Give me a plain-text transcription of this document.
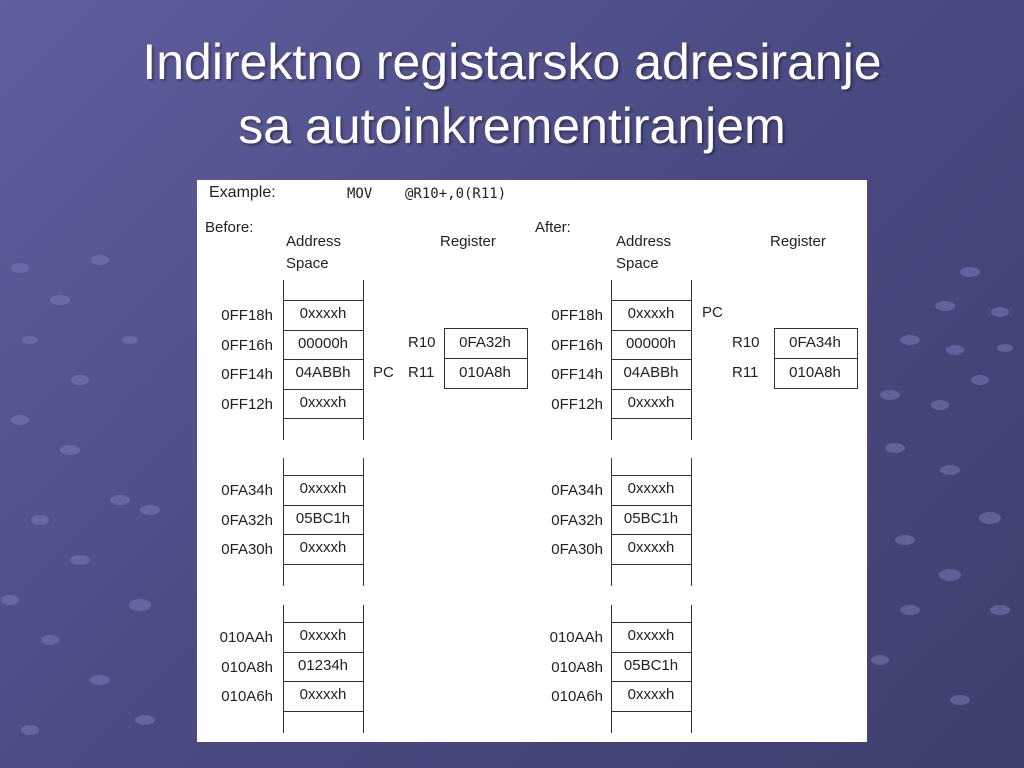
Indirektno registarsko adresiranje
sa autoinkrementiranjem
Example:	MOV @R10+,0(R11)
Before:
Address
Space
Register
After:
Address
Space
Register
PC
PC
0xxxxh
0FF18h
00000h
0FF16h
04ABBh
0FF14h
0xxxxh
0FF12h
0xxxxh
0FA34h
05BC1h
0FA32h
0xxxxh
0FA30h
0xxxxh
010AAh
01234h
010A8h
0xxxxh
010A6h
0xxxxh
0FF18h
00000h
0FF16h
04ABBh
0FF14h
0xxxxh
0FF12h
0xxxxh
0FA34h
05BC1h
0FA32h
0xxxxh
0FA30h
0xxxxh
010AAh
05BC1h
010A8h
0xxxxh
010A6h
0FA32h
R10
010A8h
R11
0FA34h
R10
010A8h
R11
